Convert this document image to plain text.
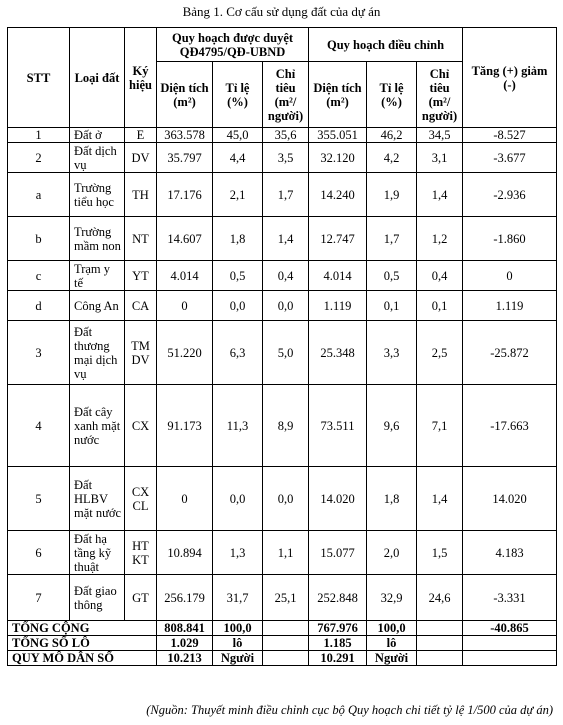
Bảng 1. Cơ cấu sử dụng đất của dự án
STT	Loại đất	Ký hiệu	Quy hoạch được duyệt QĐ4795/QĐ-UBND			Quy hoạch điều chỉnh			Tăng (+) giảm (-)
			Diện tích (m²)	Tỉ lệ (%)	Chỉ tiêu (m²/ người)	Diện tích (m²)	Tỉ lệ (%)	Chỉ tiêu (m²/ người)	
1	Đất ở	E	363.578	45,0	35,6	355.051	46,2	34,5	-8.527
2	Đất dịch vụ	DV	35.797	4,4	3,5	32.120	4,2	3,1	-3.677
a	Trường tiểu học	TH	17.176	2,1	1,7	14.240	1,9	1,4	-2.936
b	Trường mầm non	NT	14.607	1,8	1,4	12.747	1,7	1,2	-1.860
c	Trạm y tế	YT	4.014	0,5	0,4	4.014	0,5	0,4	0
d	Công An	CA	0	0,0	0,0	1.119	0,1	0,1	1.119
3	Đất thương mại dịch vụ	TM DV	51.220	6,3	5,0	25.348	3,3	2,5	-25.872
4	Đất cây xanh mặt nước	CX	91.173	11,3	8,9	73.511	9,6	7,1	-17.663
5	Đất HLBV mặt nước	CX CL	0	0,0	0,0	14.020	1,8	1,4	14.020
6	Đất hạ tầng kỹ thuật	HT KT	10.894	1,3	1,1	15.077	2,0	1,5	4.183
7	Đất giao thông	GT	256.179	31,7	25,1	252.848	32,9	24,6	-3.331
TỔNG CỘNG			808.841	100,0		767.976	100,0		-40.865
TỔNG SỐ LÔ			1.029	lô		1.185	lô		
QUY MÔ DÂN SỐ			10.213	Người		10.291	Người		
(Nguồn: Thuyết minh điều chỉnh cục bộ Quy hoạch chi tiết tỷ lệ 1/500 của dự án)
